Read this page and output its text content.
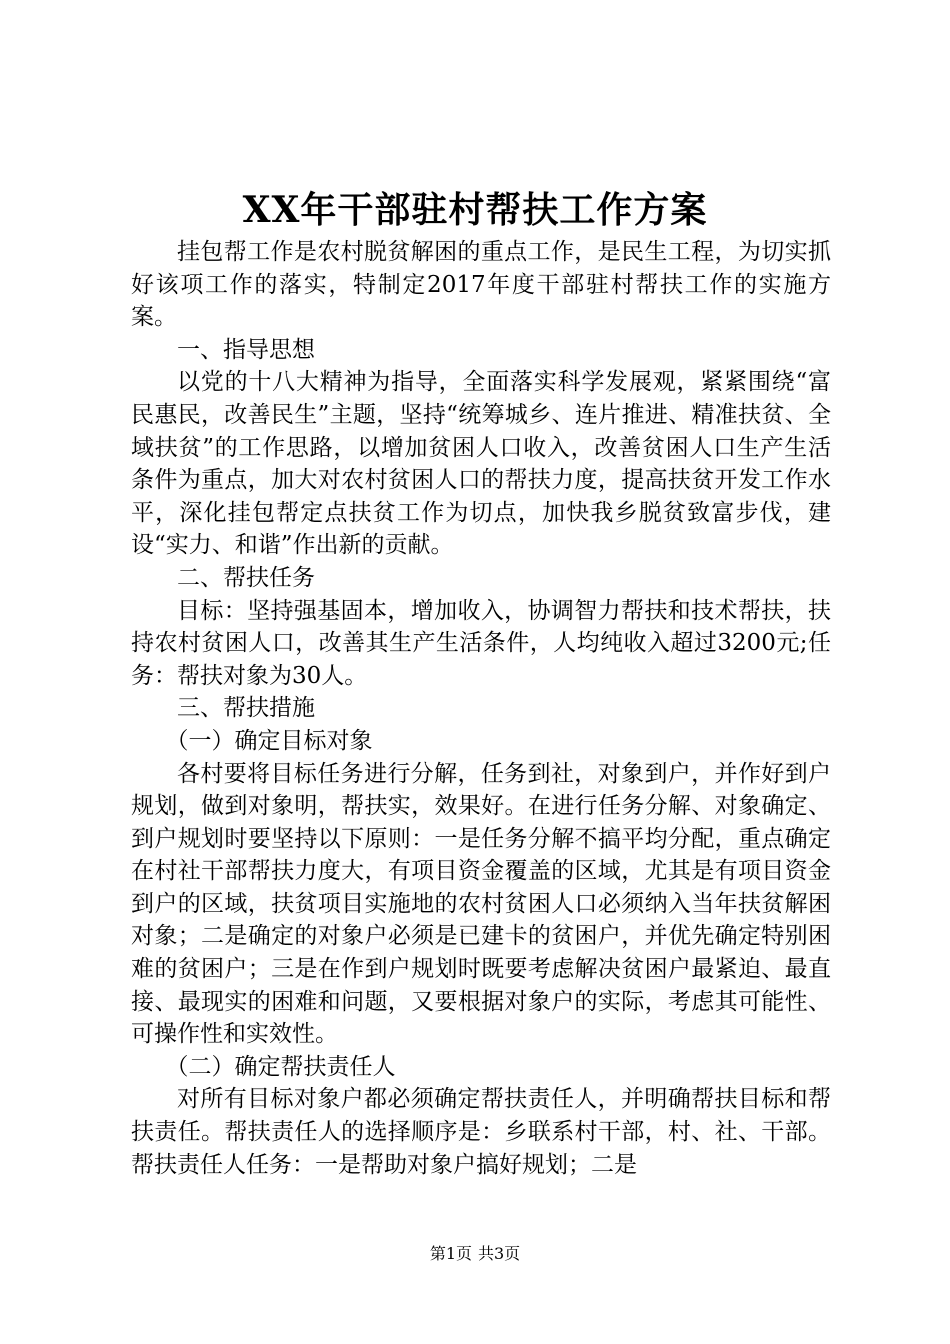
XX年干部驻村帮扶工作方案

挂包帮工作是农村脱贫解困的重点工作，是民生工程，为切实抓好该项工作的落实，特制定2017年度干部驻村帮扶工作的实施方案。

一、指导思想

以党的十八大精神为指导，全面落实科学发展观，紧紧围绕“富民惠民，改善民生”主题，坚持“统筹城乡、连片推进、精准扶贫、全域扶贫”的工作思路，以增加贫困人口收入，改善贫困人口生产生活条件为重点，加大对农村贫困人口的帮扶力度，提高扶贫开发工作水平，深化挂包帮定点扶贫工作为切点，加快我乡脱贫致富步伐，建设“实力、和谐”作出新的贡献。

二、帮扶任务

目标：坚持强基固本，增加收入，协调智力帮扶和技术帮扶，扶持农村贫困人口，改善其生产生活条件，人均纯收入超过3200元;任务：帮扶对象为30人。

三、帮扶措施

（一）确定目标对象

各村要将目标任务进行分解，任务到社，对象到户，并作好到户规划，做到对象明，帮扶实，效果好。在进行任务分解、对象确定、到户规划时要坚持以下原则：一是任务分解不搞平均分配，重点确定在村社干部帮扶力度大，有项目资金覆盖的区域，尤其是有项目资金到户的区域，扶贫项目实施地的农村贫困人口必须纳入当年扶贫解困对象；二是确定的对象户必须是已建卡的贫困户，并优先确定特别困难的贫困户；三是在作到户规划时既要考虑解决贫困户最紧迫、最直接、最现实的困难和问题，又要根据对象户的实际，考虑其可能性、可操作性和实效性。

（二）确定帮扶责任人

对所有目标对象户都必须确定帮扶责任人，并明确帮扶目标和帮扶责任。帮扶责任人的选择顺序是：乡联系村干部，村、社、干部。帮扶责任人任务：一是帮助对象户搞好规划；二是

第1页 共3页
